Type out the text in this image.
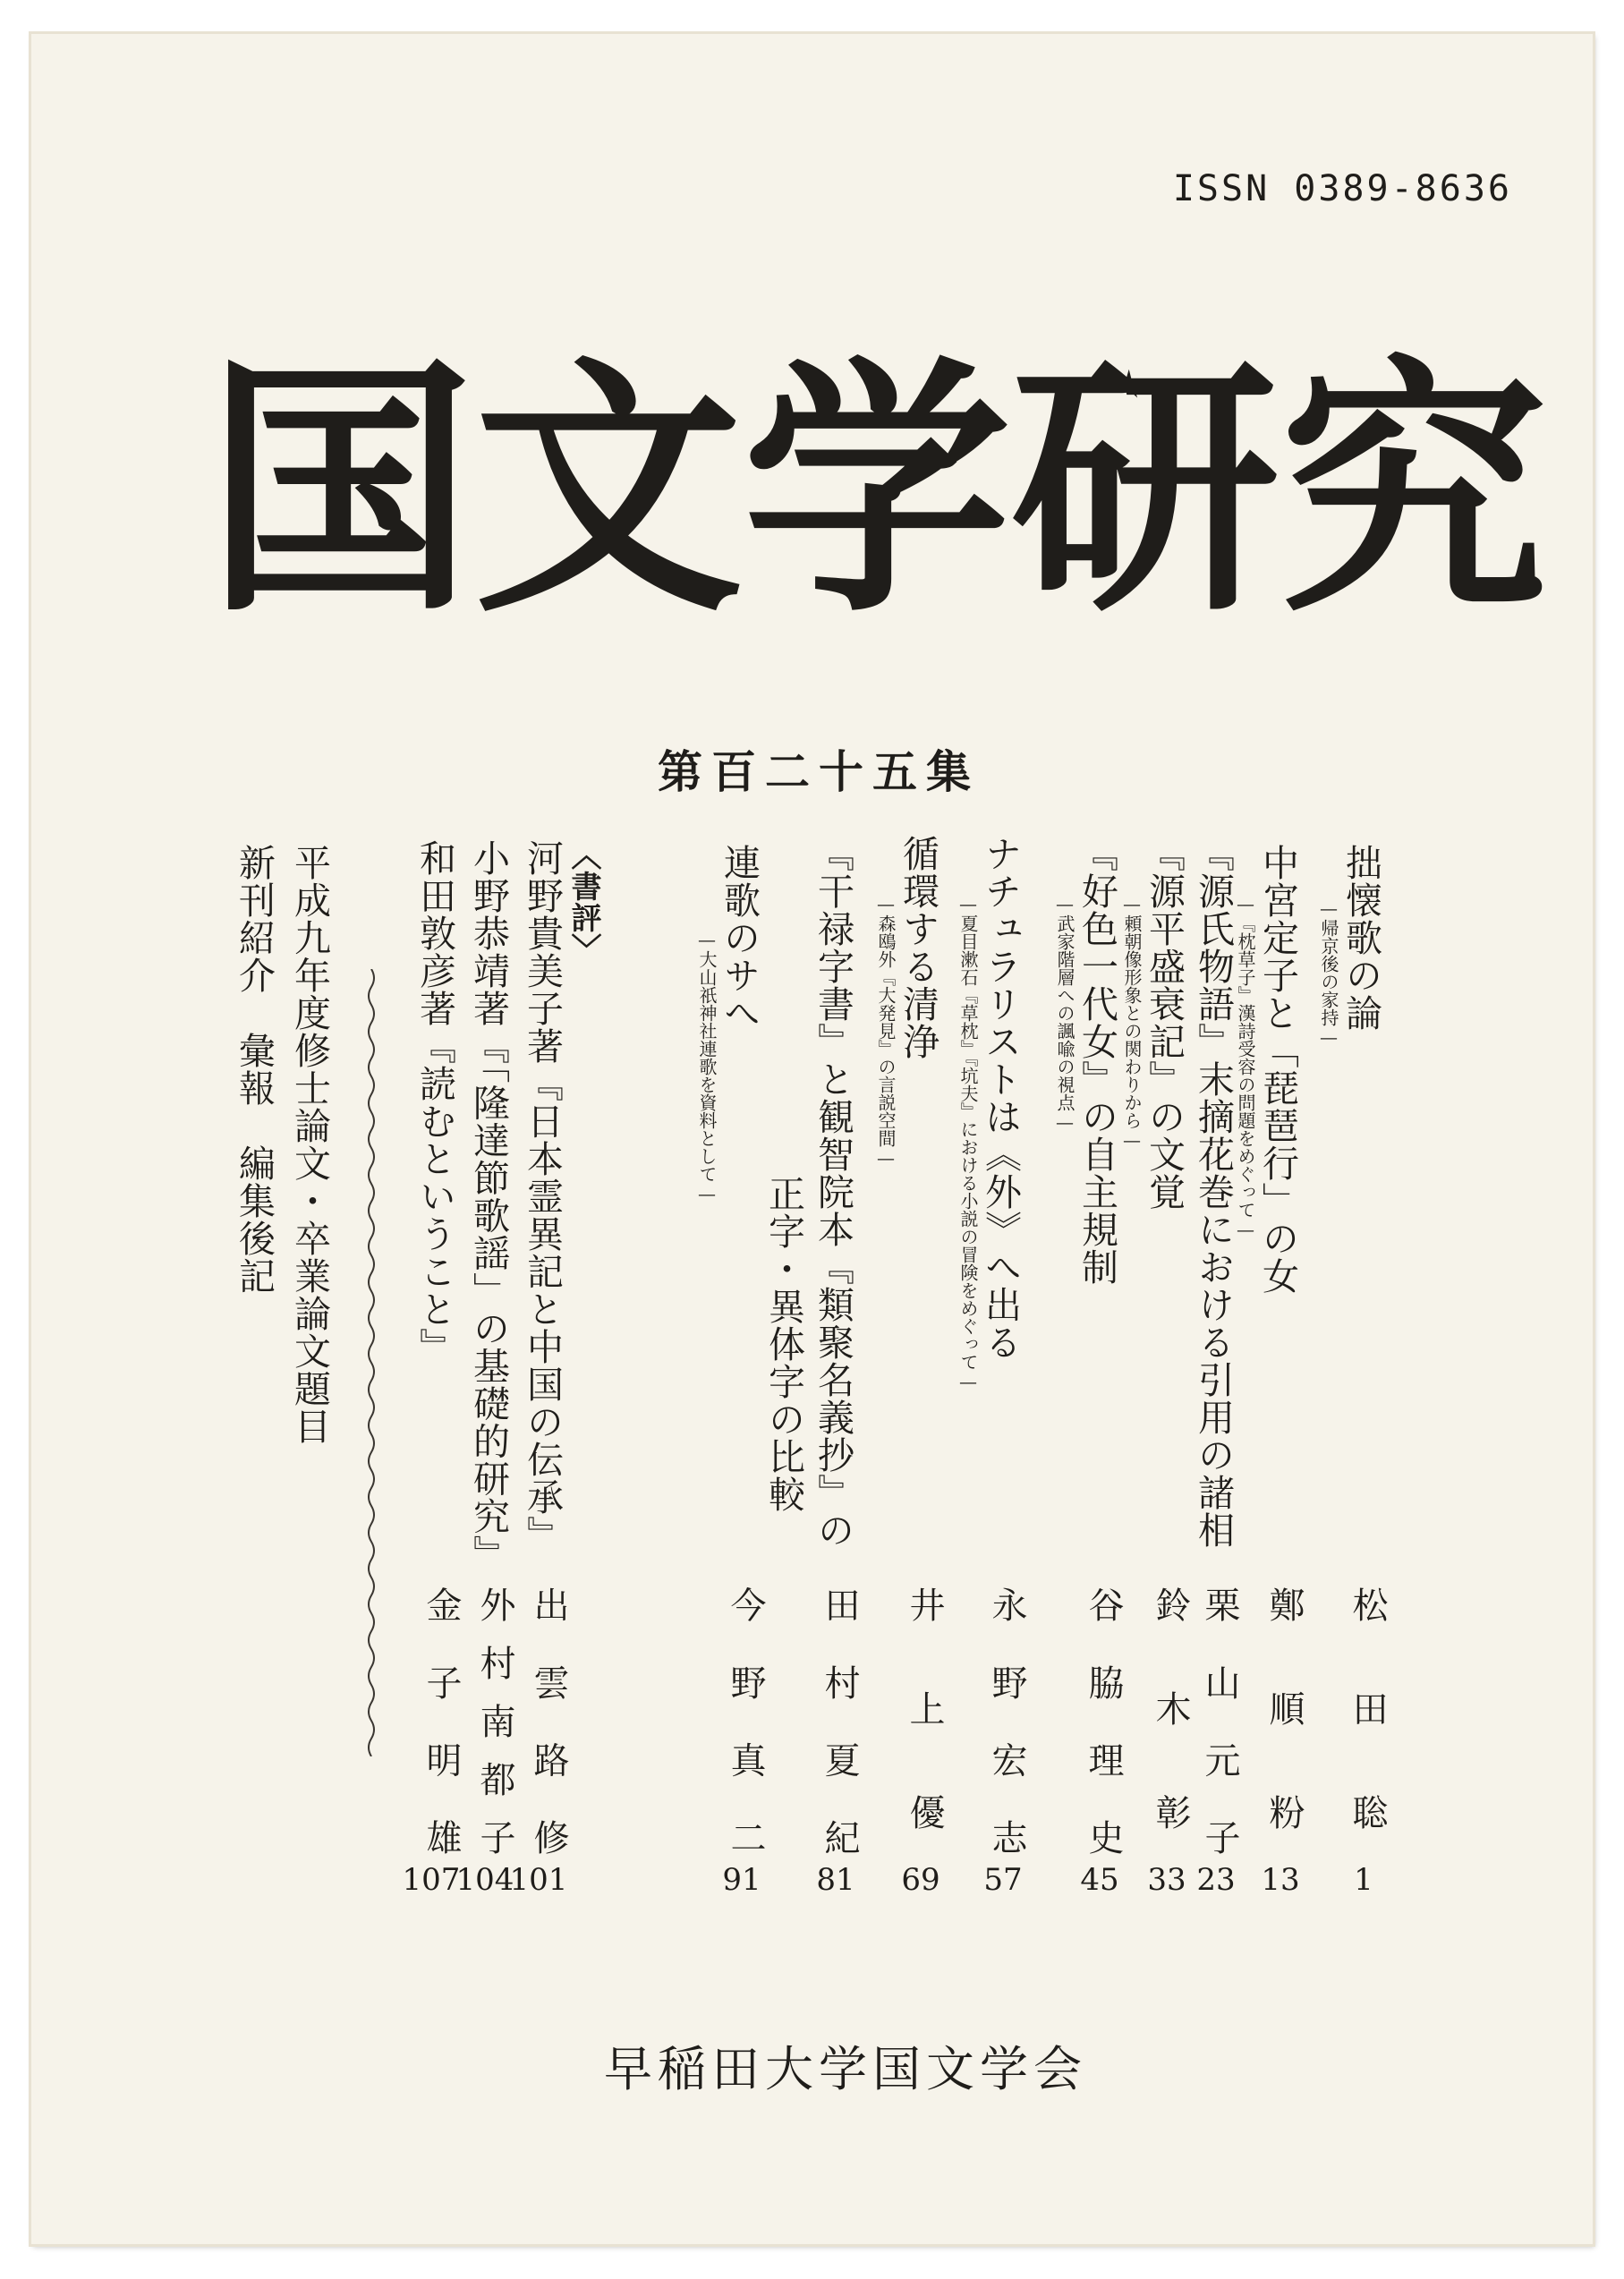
ISSN 0389-8636
国 文 学 研 究
第百二十五集
拙懐歌の論
—帰京後の家持—
松田聡
1
中宮定子と「琵琶行」の女
—『枕草子』漢詩受容の問題をめぐって—
鄭順粉
13
『源氏物語』末摘花巻における引用の諸相
栗山元子
23
『源平盛衰記』の文覚
—頼朝像形象との関わりから—
鈴木彰
33
『好色一代女』の自主規制
—武家階層への諷喩の視点—
谷脇理史
45
ナチュラリストは《外》へ出る
—夏目漱石『草枕』『坑夫』における小説の冒険をめぐって—
永野宏志
57
循環する清浄
—森鴎外『大発見』の言説空間—
井上優
69
『干禄字書』と観智院本『類聚名義抄』の
正字・異体字の比較
田村夏紀
81
連歌のサへ
—大山祇神社連歌を資料として—
今野真二
91
〈書評〉
河野貴美子著『日本霊異記と中国の伝承』
出雲路修
101
小野恭靖著『「隆達節歌謡」の基礎的研究』
外村南都子
104
和田敦彦著『読むということ』
金子明雄
107
平成九年度修士論文・卒業論文題目
新刊紹介　彙報　編集後記
早稲田大学国文学会
